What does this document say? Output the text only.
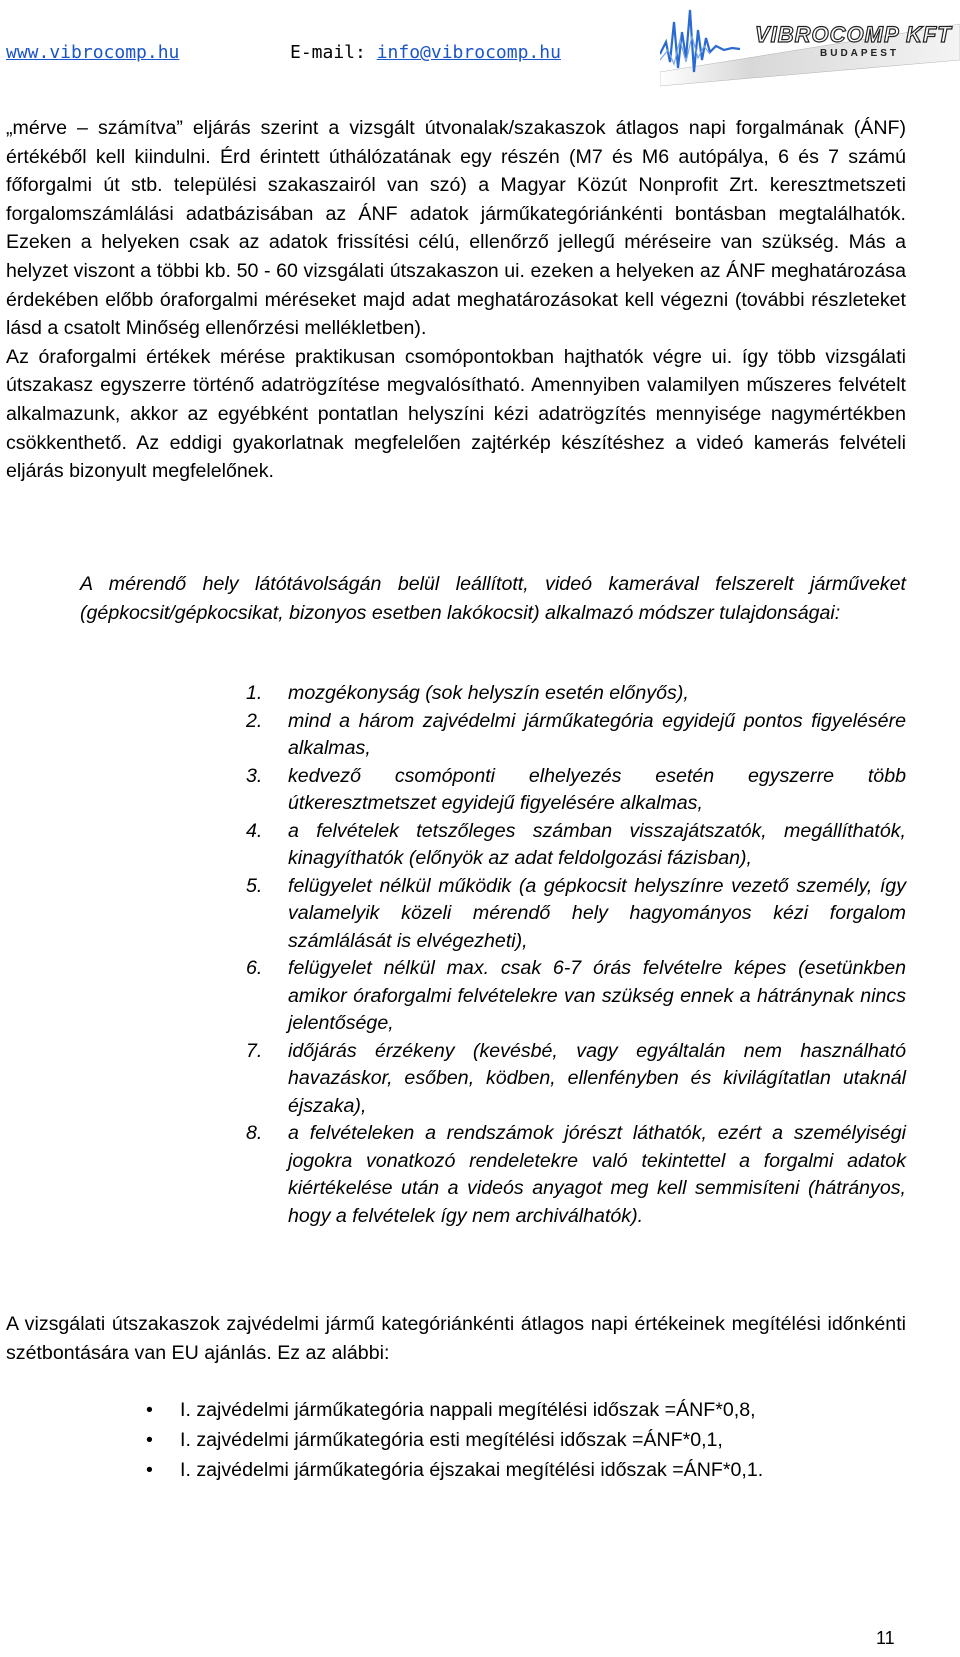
www.vibrocomp.hu	E-mail: info@vibrocomp.hu
VIBROCOMP KFT
BUDAPEST

„mérve – számítva” eljárás szerint a vizsgált útvonalak/szakaszok átlagos napi forgalmának (ÁNF) értékéből kell kiindulni. Érd érintett úthálózatának egy részén (M7 és M6 autópálya, 6 és 7 számú főforgalmi út stb. települési szakaszairól van szó) a Magyar Közút Nonprofit Zrt. keresztmetszeti forgalomszámlálási adatbázisában az ÁNF adatok járműkategóriánkénti bontásban megtalálhatók. Ezeken a helyeken csak az adatok frissítési célú, ellenőrző jellegű méréseire van szükség. Más a helyzet viszont a többi kb. 50 - 60 vizsgálati útszakaszon ui. ezeken a helyeken az ÁNF meghatározása érdekében előbb óraforgalmi méréseket majd adat meghatározásokat kell végezni (további részleteket lásd a csatolt Minőség ellenőrzési mellékletben).

Az óraforgalmi értékek mérése praktikusan csomópontokban hajthatók végre ui. így több vizsgálati útszakasz egyszerre történő adatrögzítése megvalósítható. Amennyiben valamilyen műszeres felvételt alkalmazunk, akkor az egyébként pontatlan helyszíni kézi adatrögzítés mennyisége nagymértékben csökkenthető. Az eddigi gyakorlatnak megfelelően zajtérkép készítéshez a videó kamerás felvételi eljárás bizonyult megfelelőnek.

A mérendő hely látótávolságán belül leállított, videó kamerával felszerelt járműveket (gépkocsit/gépkocsikat, bizonyos esetben lakókocsit) alkalmazó módszer tulajdonságai:

1. mozgékonyság (sok helyszín esetén előnyős),
2. mind a három zajvédelmi járműkategória egyidejű pontos figyelésére alkalmas,
3. kedvező csomóponti elhelyezés esetén egyszerre több útkeresztmetszet egyidejű figyelésére alkalmas,
4. a felvételek tetszőleges számban visszajátszatók, megállíthatók, kinagyíthatók (előnyök az adat feldolgozási fázisban),
5. felügyelet nélkül működik (a gépkocsit helyszínre vezető személy, így valamelyik közeli mérendő hely hagyományos kézi forgalom számlálását is elvégezheti),
6. felügyelet nélkül max. csak 6-7 órás felvételre képes (esetünkben amikor óraforgalmi felvételekre van szükség ennek a hátránynak nincs jelentősége,
7. időjárás érzékeny (kevésbé, vagy egyáltalán nem használható havazáskor, esőben, ködben, ellenfényben és kivilágítatlan utaknál éjszaka),
8. a felvételeken a rendszámok jórészt láthatók, ezért a személyiségi jogokra vonatkozó rendeletekre való tekintettel a forgalmi adatok kiértékelése után a videós anyagot meg kell semmisíteni (hátrányos, hogy a felvételek így nem archiválhatók).

A vizsgálati útszakaszok zajvédelmi jármű kategóriánkénti átlagos napi értékeinek megítélési időnkénti szétbontására van EU ajánlás. Ez az alábbi:

• I. zajvédelmi járműkategória nappali megítélési időszak =ÁNF*0,8,
• I. zajvédelmi járműkategória esti megítélési időszak =ÁNF*0,1,
• I. zajvédelmi járműkategória éjszakai megítélési időszak =ÁNF*0,1.
11
